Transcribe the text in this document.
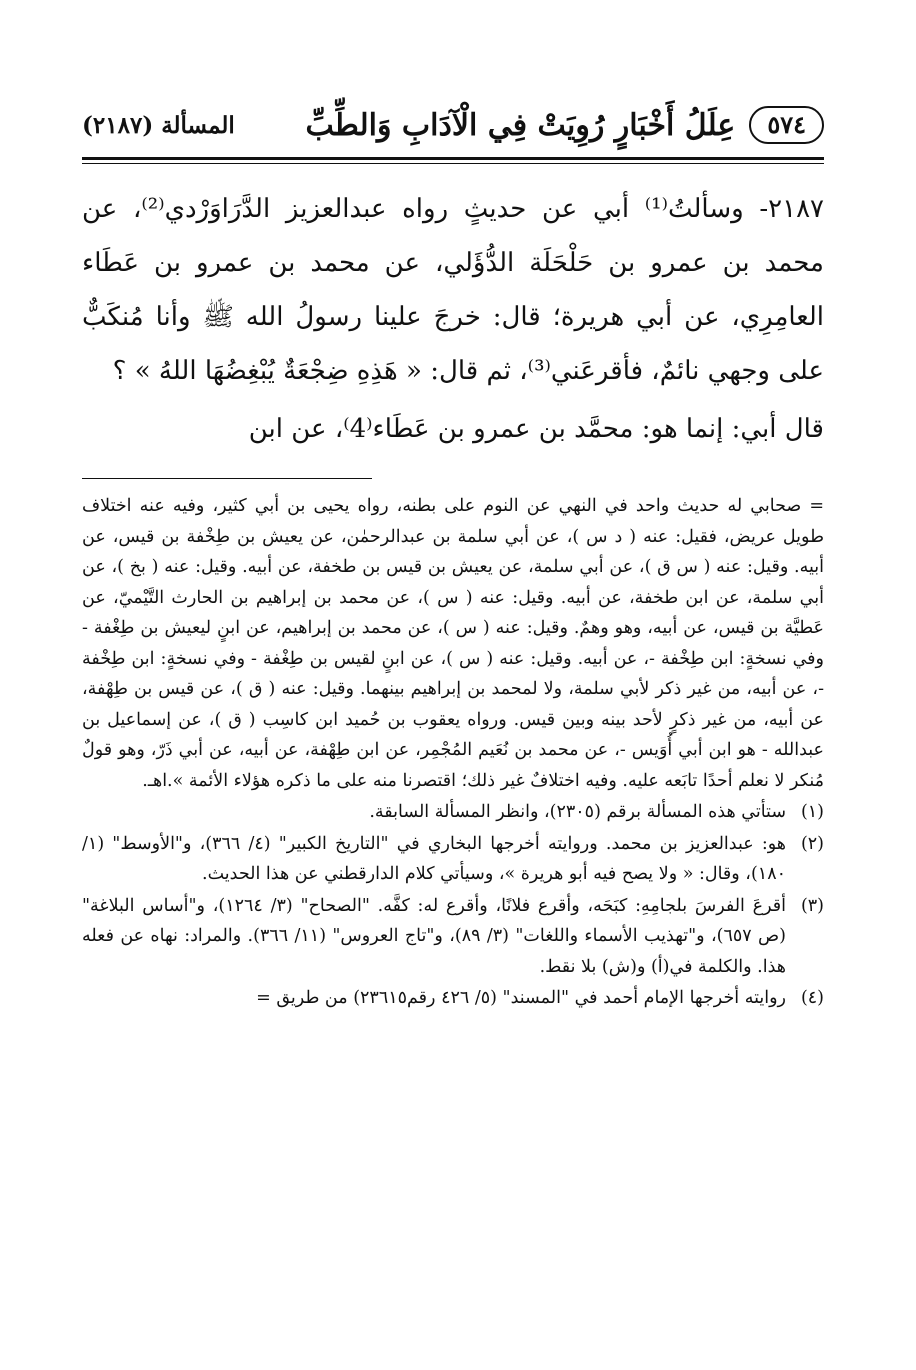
٥٧٤
عِلَلُ أَخْبَارٍ رُوِيَتْ فِي الْآدَابِ وَالطِّبِّ
المسألة (٢١٨٧)

٢١٨٧- وسألتُ⁽¹⁾ أبي عن حديثٍ رواه عبدالعزيز الدَّرَاوَرْدي⁽²⁾، عن محمد بن عمرو بن حَلْحَلَة الدُّؤَلي، عن محمد بن عمرو بن عَطَاء العامِرِي، عن أبي هريرة؛ قال: خرجَ علينا رسولُ الله ﷺ وأنا مُنكَبٌّ على وجهي نائمٌ، فأقرعَني⁽³⁾، ثم قال: « هَذِهِ ضِجْعَةٌ يُبْغِضُهَا اللهُ » ؟

قال أبي: إنما هو: محمَّد بن عمرو بن عَطَاء⁽4⁾، عن ابن

= صحابي له حديث واحد في النهي عن النوم على بطنه، رواه يحيى بن أبي كثير، وفيه عنه اختلاف طويل عريض، فقيل: عنه ( د س )، عن أبي سلمة بن عبدالرحمٰن، عن يعيش بن طِخْفة بن قيس، عن أبيه. وقيل: عنه ( س ق )، عن أبي سلمة، عن يعيش بن قيس بن طخفة، عن أبيه. وقيل: عنه ( بخ )، عن أبي سلمة، عن ابن طخفة، عن أبيه. وقيل: عنه ( س )، عن محمد بن إبراهيم بن الحارث التَّيْميّ، عن عَطيَّة بن قيس، عن أبيه، وهو وهمٌ. وقيل: عنه ( س )، عن محمد بن إبراهيم، عن ابنٍ ليعيش بن طِغْفة - وفي نسخةٍ: ابن طِخْفة -، عن أبيه. وقيل: عنه ( س )، عن ابنٍ لقيس بن طِغْفة - وفي نسخةٍ: ابن طِخْفة -، عن أبيه، من غير ذكر لأبي سلمة، ولا لمحمد بن إبراهيم بينهما. وقيل: عنه ( ق )، عن قيس بن طِهْفة، عن أبيه، من غير ذكرٍ لأحد بينه وبين قيس. ورواه يعقوب بن حُميد ابن كاسِب ( ق )، عن إسماعيل بن عبدالله - هو ابن أبي أُوَيس -، عن محمد بن نُعَيم المُجْمِر، عن ابن طِهْفة، عن أبيه، عن أبي ذَرّ، وهو قولٌ مُنكر لا نعلم أحدًا تابَعه عليه. وفيه اختلافٌ غير ذلك؛ اقتصرنا منه على ما ذكره هؤلاء الأئمة ».اهـ.

(١)
ستأتي هذه المسألة برقم (٢٣٠٥)، وانظر المسألة السابقة.
(٢)
هو: عبدالعزيز بن محمد. وروايته أخرجها البخاري في "التاريخ الكبير" (٤/ ٣٦٦)، و"الأوسط" (١/ ١٨٠)، وقال: « ولا يصح فيه أبو هريرة »، وسيأتي كلام الدارقطني عن هذا الحديث.
(٣)
أقرعَ الفرسَ بلجامِهِ: كبَحَه، وأقرع فلانًا، وأقرع له: كفَّه. "الصحاح" (٣/ ١٢٦٤)، و"أساس البلاغة" (ص ٦٥٧)، و"تهذيب الأسماء واللغات" (٣/ ٨٩)، و"تاج العروس" (١١/ ٣٦٦). والمراد: نهاه عن فعله هذا. والكلمة في(أ) و(ش) بلا نقط.
(٤)
روايته أخرجها الإمام أحمد في "المسند" (٥/ ٤٢٦ رقم٢٣٦١٥) من طريق =
